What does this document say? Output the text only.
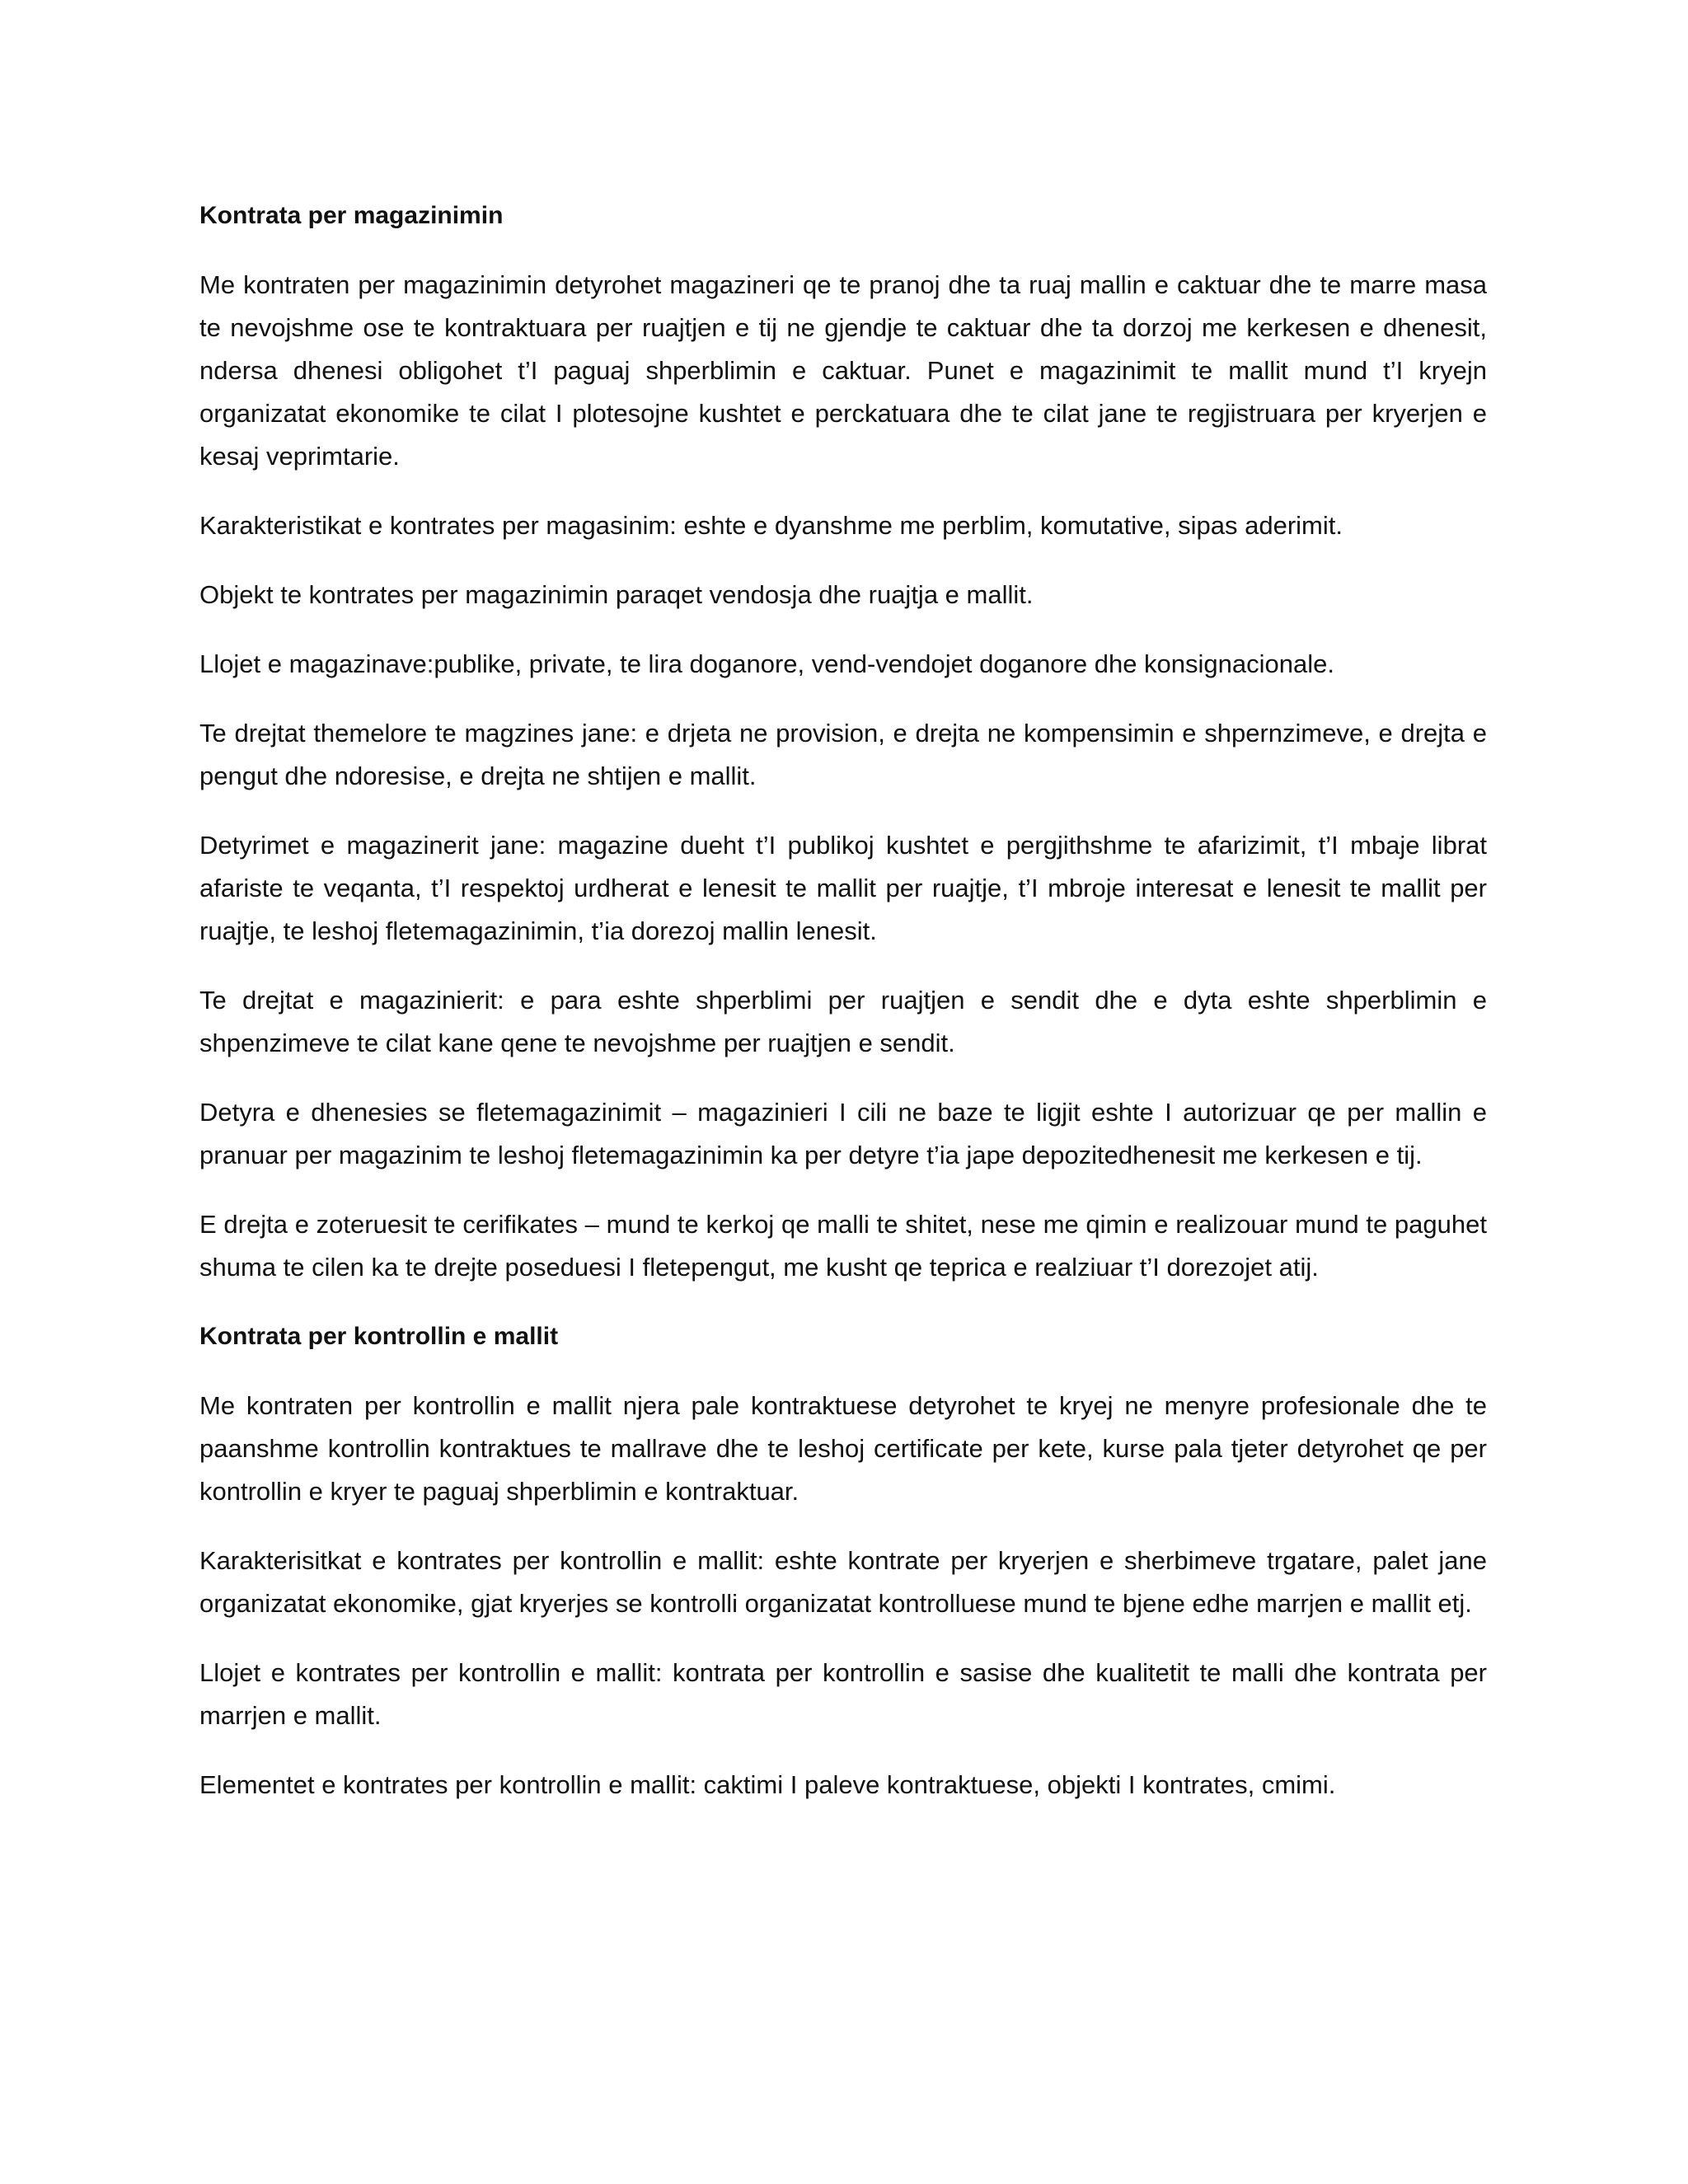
Kontrata per magazinimin
Me kontraten per magazinimin detyrohet magazineri qe te pranoj dhe ta ruaj mallin e caktuar dhe te marre masa te nevojshme ose te kontraktuara per ruajtjen e tij ne gjendje te caktuar dhe ta dorzoj me kerkesen e dhenesit, ndersa dhenesi obligohet t’I paguaj shperblimin e caktuar. Punet e magazinimit te mallit mund t’I kryejn organizatat ekonomike te cilat I plotesojne kushtet e perckatuara dhe te cilat jane te regjistruara per kryerjen e kesaj veprimtarie.
Karakteristikat e kontrates per magasinim: eshte e dyanshme me perblim, komutative, sipas aderimit.
Objekt te kontrates per magazinimin paraqet vendosja dhe ruajtja e mallit.
Llojet e magazinave:publike, private, te lira doganore, vend-vendojet doganore dhe konsignacionale.
Te drejtat themelore te magzines jane: e drjeta ne provision, e drejta ne kompensimin e shpernzimeve, e drejta e pengut dhe ndoresise, e drejta ne shtijen e mallit.
Detyrimet e magazinerit jane: magazine dueht t’I publikoj kushtet e pergjithshme te afarizimit, t’I mbaje librat afariste te veqanta, t’I respektoj urdherat e lenesit te mallit per ruajtje, t’I mbroje interesat e lenesit te mallit per ruajtje, te leshoj fletemagazinimin, t’ia dorezoj mallin lenesit.
Te drejtat e magazinierit: e para eshte shperblimi per ruajtjen e sendit dhe e dyta eshte shperblimin e shpenzimeve te cilat kane qene te nevojshme per ruajtjen e sendit.
Detyra e dhenesies se fletemagazinimit – magazinieri I cili ne baze te ligjit eshte I autorizuar qe per mallin e pranuar per magazinim te leshoj fletemagazinimin ka per detyre t’ia jape depozitedhenesit me kerkesen e tij.
E drejta e zoteruesit te cerifikates – mund te kerkoj qe malli te shitet, nese me qimin e realizouar mund te paguhet shuma te cilen ka te drejte poseduesi I fletepengut, me kusht qe teprica e realziuar t’I dorezojet atij.
Kontrata per kontrollin e mallit
Me kontraten per kontrollin e mallit njera pale kontraktuese detyrohet te kryej ne menyre profesionale dhe te paanshme kontrollin kontraktues te mallrave dhe te leshoj certificate per kete, kurse pala tjeter detyrohet qe per kontrollin e kryer te paguaj shperblimin e kontraktuar.
Karakterisitkat e kontrates per kontrollin e mallit: eshte kontrate per kryerjen e sherbimeve trgatare, palet jane organizatat ekonomike, gjat kryerjes se kontrolli organizatat kontrolluese mund te bjene edhe marrjen e mallit etj.
Llojet e kontrates per kontrollin e mallit: kontrata per kontrollin e sasise dhe kualitetit te malli dhe kontrata per marrjen e mallit.
Elementet e kontrates per kontrollin e mallit: caktimi I paleve kontraktuese, objekti I kontrates, cmimi.
